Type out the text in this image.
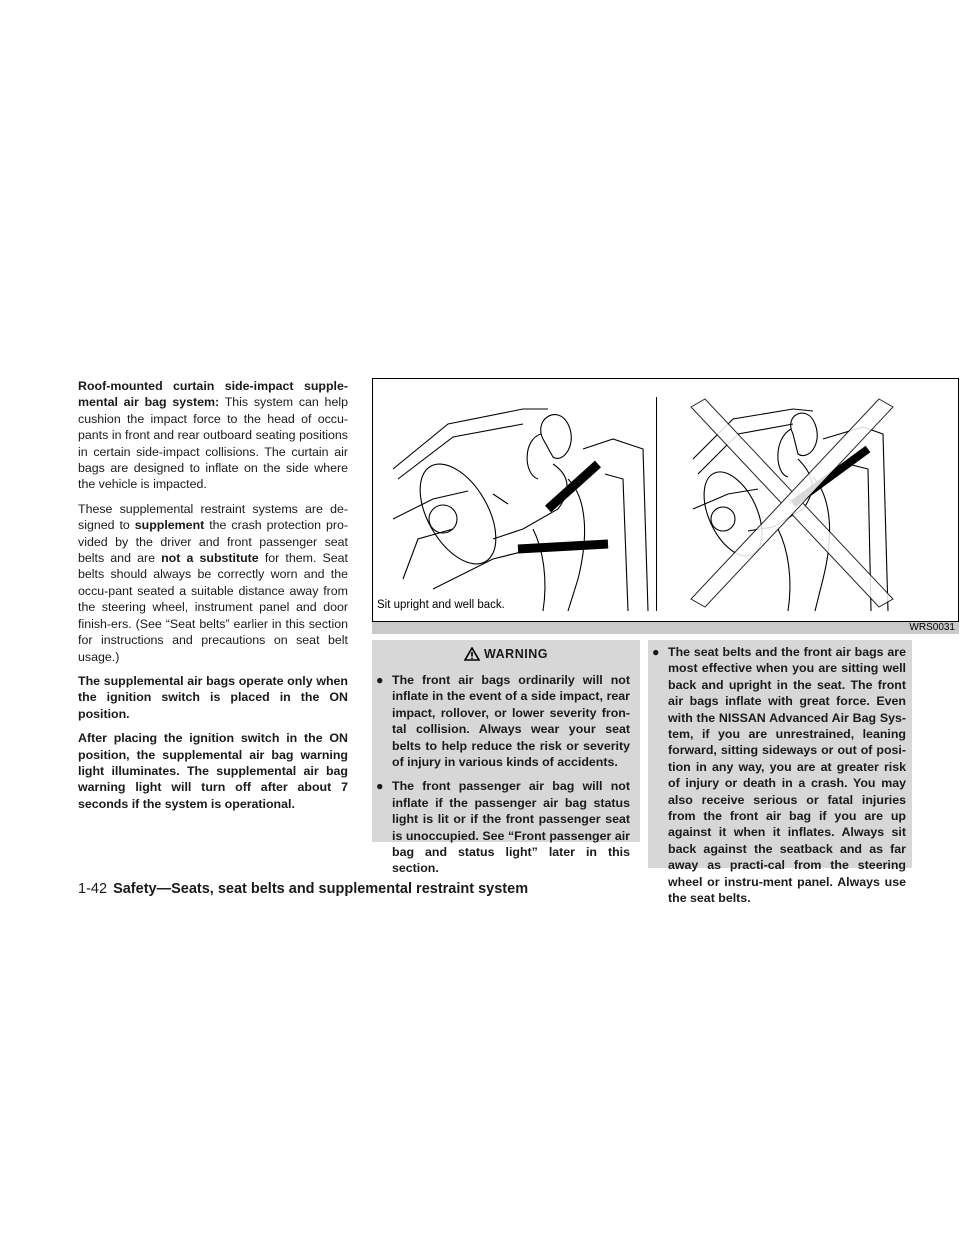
Roof-mounted curtain side-impact supple-mental air bag system: This system can help cushion the impact force to the head of occu-pants in front and rear outboard seating positions in certain side-impact collisions. The curtain air bags are designed to inflate on the side where the vehicle is impacted.

These supplemental restraint systems are de-signed to supplement the crash protection pro-vided by the driver and front passenger seat belts and are not a substitute for them. Seat belts should always be correctly worn and the occu-pant seated a suitable distance away from the steering wheel, instrument panel and door finish-ers. (See “Seat belts” earlier in this section for instructions and precautions on seat belt usage.)

The supplemental air bags operate only when the ignition switch is placed in the ON position.

After placing the ignition switch in the ON position, the supplemental air bag warning light illuminates. The supplemental air bag warning light will turn off after about 7 seconds if the system is operational.

Sit upright and well back.
WRS0031
WARNING
● The front air bags ordinarily will not inflate in the event of a side impact, rear impact, rollover, or lower severity fron-tal collision. Always wear your seat belts to help reduce the risk or severity of injury in various kinds of accidents.
● The front passenger air bag will not inflate if the passenger air bag status light is lit or if the front passenger seat is unoccupied. See “Front passenger air bag and status light” later in this section.
● The seat belts and the front air bags are most effective when you are sitting well back and upright in the seat. The front air bags inflate with great force. Even with the NISSAN Advanced Air Bag Sys-tem, if you are unrestrained, leaning forward, sitting sideways or out of posi-tion in any way, you are at greater risk of injury or death in a crash. You may also receive serious or fatal injuries from the front air bag if you are up against it when it inflates. Always sit back against the seatback and as far away as practi-cal from the steering wheel or instru-ment panel. Always use the seat belts.
1-42 Safety—Seats, seat belts and supplemental restraint system
